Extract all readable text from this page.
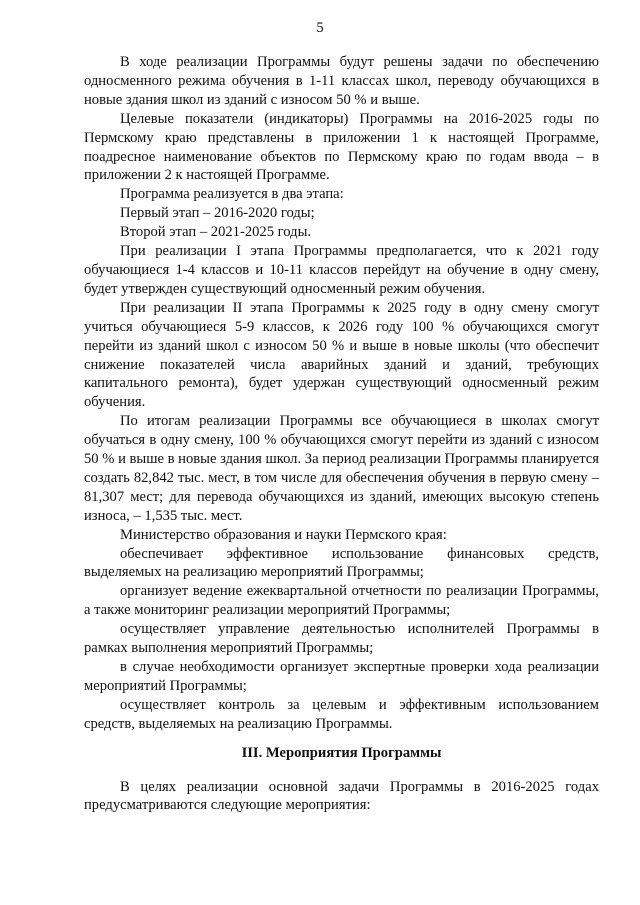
5

В ходе реализации Программы будут решены задачи по обеспечению односменного режима обучения в 1-11 классах школ, переводу обучающихся в новые здания школ из зданий с износом 50 % и выше.

Целевые показатели (индикаторы) Программы на 2016-2025 годы по Пермскому краю представлены в приложении 1 к настоящей Программе, поадресное наименование объектов по Пермскому краю по годам ввода – в приложении 2 к настоящей Программе.

Программа реализуется в два этапа:

Первый этап – 2016-2020 годы;

Второй этап – 2021-2025 годы.

При реализации I этапа Программы предполагается, что к 2021 году обучающиеся 1-4 классов и 10-11 классов перейдут на обучение в одну смену, будет утвержден существующий односменный режим обучения.

При реализации II этапа Программы к 2025 году в одну смену смогут учиться обучающиеся 5-9 классов, к 2026 году 100 % обучающихся смогут перейти из зданий школ с износом 50 % и выше в новые школы (что обеспечит снижение показателей числа аварийных зданий и зданий, требующих капитального ремонта), будет удержан существующий односменный режим обучения.

По итогам реализации Программы все обучающиеся в школах смогут обучаться в одну смену, 100 % обучающихся смогут перейти из зданий с износом 50 % и выше в новые здания школ. За период реализации Программы планируется создать 82,842 тыс. мест, в том числе для обеспечения обучения в первую смену – 81,307 мест; для перевода обучающихся из зданий, имеющих высокую степень износа, – 1,535 тыс. мест.

Министерство образования и науки Пермского края:

обеспечивает эффективное использование финансовых средств, выделяемых на реализацию мероприятий Программы;

организует ведение ежеквартальной отчетности по реализации Программы, а также мониторинг реализации мероприятий Программы;

осуществляет управление деятельностью исполнителей Программы в рамках выполнения мероприятий Программы;

в случае необходимости организует экспертные проверки хода реализации мероприятий Программы;

осуществляет контроль за целевым и эффективным использованием средств, выделяемых на реализацию Программы.

III. Мероприятия Программы

В целях реализации основной задачи Программы в 2016-2025 годах предусматриваются следующие мероприятия:
